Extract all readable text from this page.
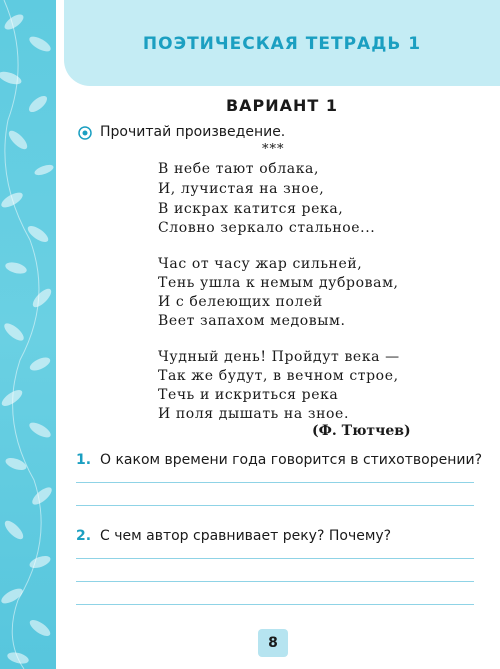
ПОЭТИЧЕСКАЯ ТЕТРАДЬ 1
ВАРИАНТ 1
Прочитай произведение.
***
В небе тают облака,
И, лучистая на зное,
В искрах катится река,
Словно зеркало стальное...
Час от часу жар сильней,
Тень ушла к немым дубровам,
И с белеющих полей
Веет запахом медовым.
Чудный день! Пройдут века —
Так же будут, в вечном строе,
Течь и искриться река
И поля дышать на зное.
(Ф. Тютчев)
1. О каком времени года говорится в стихотворении?
2. С чем автор сравнивает реку? Почему?
8
